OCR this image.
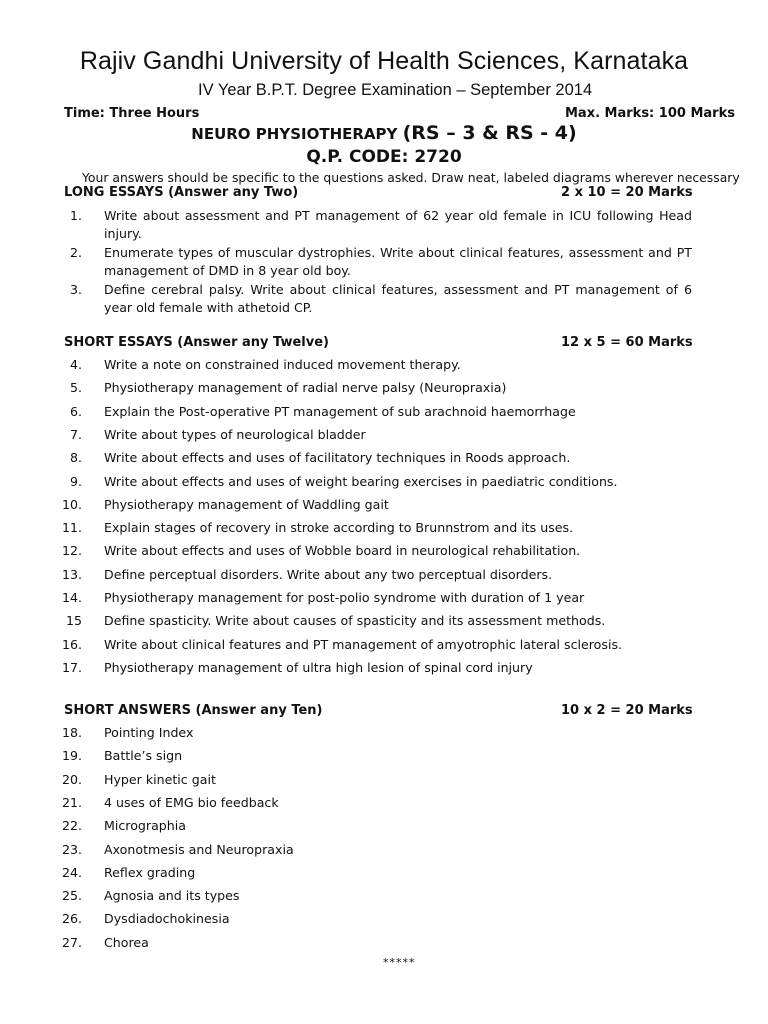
Rajiv Gandhi University of Health Sciences, Karnataka
IV Year B.P.T. Degree Examination – September 2014
Time: Three Hours	Max. Marks: 100 Marks
NEURO PHYSIOTHERAPY (RS – 3 & RS - 4)
Q.P. CODE: 2720
Your answers should be specific to the questions asked. Draw neat, labeled diagrams wherever necessary
LONG ESSAYS (Answer any Two)	2 x 10 = 20 Marks
1. Write about assessment and PT management of 62 year old female in ICU following Head injury.
2. Enumerate types of muscular dystrophies. Write about clinical features, assessment and PT management of DMD in 8 year old boy.
3. Define cerebral palsy. Write about clinical features, assessment and PT management of 6 year old female with athetoid CP.
SHORT ESSAYS (Answer any Twelve)	12 x 5 = 60 Marks
4. Write a note on constrained induced movement therapy.
5. Physiotherapy management of radial nerve palsy (Neuropraxia)
6. Explain the Post-operative PT management of sub arachnoid haemorrhage
7. Write about types of neurological bladder
8. Write about effects and uses of facilitatory techniques in Roods approach.
9. Write about effects and uses of weight bearing exercises in paediatric conditions.
10. Physiotherapy management of Waddling gait
11. Explain stages of recovery in stroke according to Brunnstrom and its uses.
12. Write about effects and uses of Wobble board in neurological rehabilitation.
13. Define perceptual disorders. Write about any two perceptual disorders.
14. Physiotherapy management for post-polio syndrome with duration of 1 year
15 Define spasticity. Write about causes of spasticity and its assessment methods.
16. Write about clinical features and PT management of amyotrophic lateral sclerosis.
17. Physiotherapy management of ultra high lesion of spinal cord injury
SHORT ANSWERS (Answer any Ten)	10 x 2 = 20 Marks
18. Pointing Index
19. Battle’s sign
20. Hyper kinetic gait
21. 4 uses of EMG bio feedback
22. Micrographia
23. Axonotmesis and Neuropraxia
24. Reflex grading
25. Agnosia and its types
26. Dysdiadochokinesia
27. Chorea
*****
